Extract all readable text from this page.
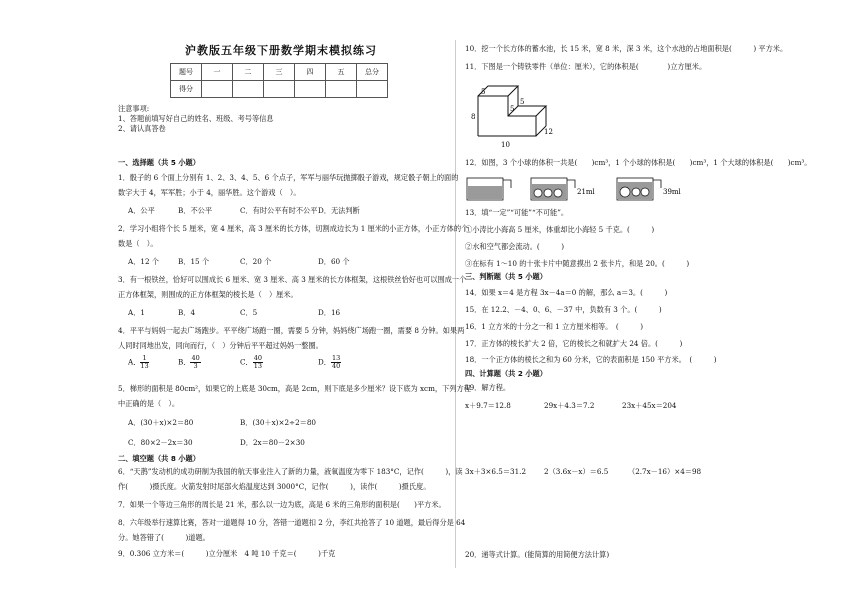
沪教版五年级下册数学期末模拟练习
题号	一	二	三	四	五	总分
得分						
注意事项:
1、答题前填写好自己的姓名、班级、考号等信息
2、请认真答卷
一、选择题（共 5 小题）
1．骰子的 6 个面上分别有 1、2、3、4、5、6 个点子，军军与丽华玩抛掷骰子游戏，规定骰子朝上的面的
数字大于 4，军军胜；小于 4，丽华胜。这个游戏（　）。
A．公平	B．不公平	C．有时公平有时不公平 D．无法判断
2．学习小组将个长 5 厘米，宽 4 厘米，高 3 厘米的长方体，切割成边长为 1 厘米的小正方体，小正方体的个
数是（　）。
A．12 个	B．15 个	C．20 个	D．60 个
3．有一根铁丝，恰好可以围成长 6 厘米、宽 3 厘米、高 3 厘米的长方体框架，这根铁丝恰好也可以围成一个
正方体框架，则围成的正方体框架的棱长是（　）厘米。
A．1	B．4	C．5	D．16
4．平平与妈妈一起去广场跑步。平平绕广场跑一圈，需要 5 分钟，妈妈绕广场跑一圈，需要 8 分钟。如果两
人同时同地出发，同向而行，（　）分钟后平平超过妈妈一整圈。
A． $\frac{1}{13}$	B． $\frac{40}{3}$	C． $\frac{40}{13}$	D． $\frac{13}{40}$
5．梯形的面积是 80cm²，如果它的上底是 30cm，高是 2cm，则下底是多少厘米？设下底为 xcm，下列方程
中正确的是（　）。
A．(30＋x)×2＝80	B．(30＋x)×2÷2＝80
C．80×2－2x＝30	D．2x＝80－2×30
二、填空题（共 8 小题）
6．“天鹊”发动机的成功研制为我国的航天事业注入了新的力量，液氧温度为零下 183°C，记作(　　　)，读
作(　　　)摄氏度。火箭发射时尾部火焰温度达到 3000°C，记作(　　　)，读作(　　　)摄氏度。
7．如果一个等边三角形的周长是 21 米，那么以一边为底，高是 6 米的三角形的面积是(　　)平方米。
8．六年级举行速算比赛，答对一道题得 10 分，答错一道题扣 2 分，李红共抢答了 10 道题，最后得分是 64
分。她答错了(　　　)道题。
9．0.306 立方米＝(　　　)立分厘米　4 吨 10 千克＝(　　　)千克
10．挖一个长方体的蓄水池，长 15 米，宽 8 米，深 3 米，这个水池的占地面积是(　　　) 平方米。
11．下图是一个铸铁零件（单位：厘米），它的体积是(　　　　)立方厘米。
5
5
8
5
12
10
12．如图，3 个小球的体积一共是(　　)cm³，1 个小球的体积是(　　)cm³，1 个大球的体积是(　　)cm³。
21ml	39ml
13．填“一定”“可能”“不可能”。
①小涛比小海高 5 厘米，体重却比小海轻 5 千克。(　　　)
②水和空气都会流动。(　　　)
③在标有 1～10 的十张卡片中随意摸出 2 张卡片，和是 20。(　　　)
三、判断题（共 5 小题）
14．如果 x＝4 是方程 3x－4a＝0 的解，那么 a＝3。(　　　)
15．在 12.2、－4、0、6、－37 中，负数有 3 个。(　　　)
16．1 立方米的十分之一和 1 立方厘米相等。　(　　　)
17．正方体的棱长扩大 2 倍，它的棱长之和就扩大 24 倍。(　　　)
18．一个正方体的棱长之和为 60 分米，它的表面积是 150 平方米。　(　　　)
四、计算题（共 2 小题）
19．解方程。
x＋9.7＝12.8	29x＋4.3＝7.2	23x＋45x＝204
3x＋3×6.5＝31.2 2（3.6x－x）＝6.5	（2.7x－16）×4＝98
20．递等式计算。(能简算的用简便方法计算)
